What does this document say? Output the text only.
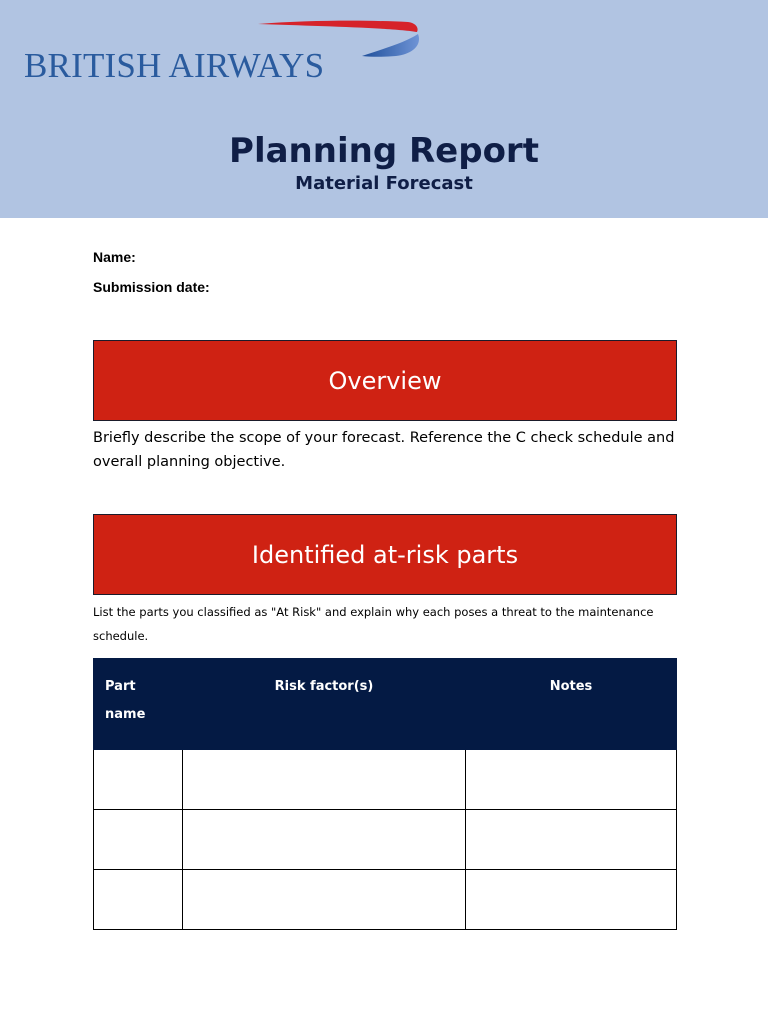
BRITISH AIRWAYS

Planning Report

Material Forecast

Name:

Submission date:

Overview

Briefly describe the scope of your forecast. Reference the C check schedule and overall planning objective.

Identified at-risk parts

List the parts you classified as "At Risk" and explain why each poses a threat to the maintenance schedule.

Part name	Risk factor(s)	Notes
